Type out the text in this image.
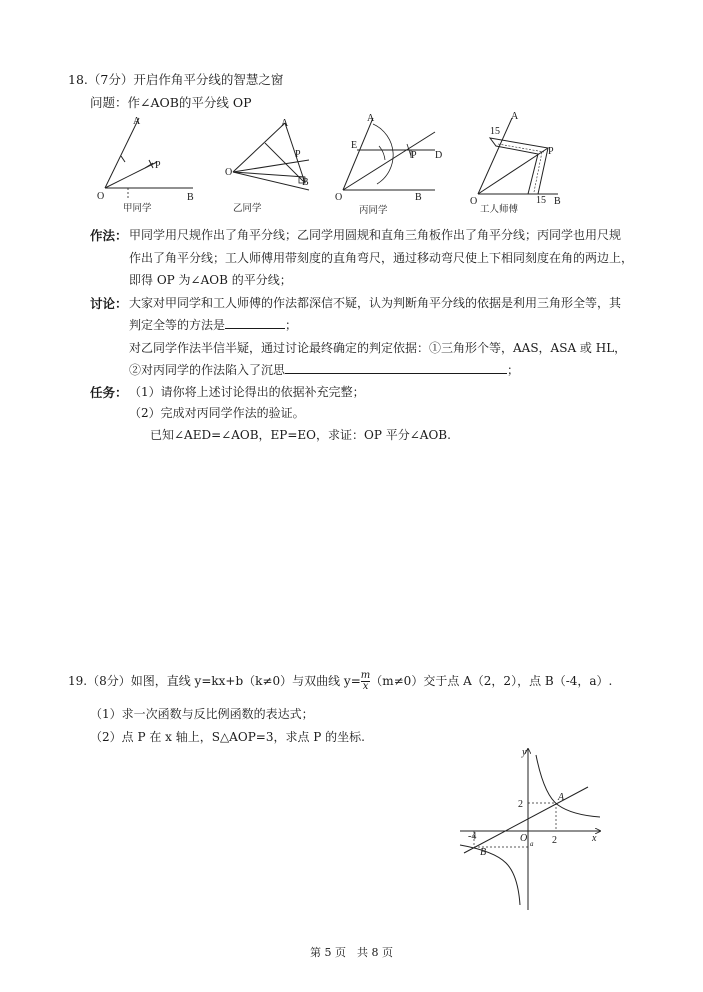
18.（7分）开启作角平分线的智慧之窗
问题：作∠AOB的平分线 OP
A
P
O	B
甲同学
A
P
O
B
乙同学
A
E
P D
O	B
丙同学
A
15
P
15
O	B
工人师傅
作法： 甲同学用尺规作出了角平分线；乙同学用圆规和直角三角板作出了角平分线；丙同学也用尺规
作出了角平分线；工人师傅用带刻度的直角弯尺，通过移动弯尺使上下相同刻度在角的两边上，
即得 OP 为∠AOB 的平分线；
讨论： 大家对甲同学和工人师傅的作法都深信不疑，认为判断角平分线的依据是利用三角形全等，其
判定全等的方法是	；
对乙同学作法半信半疑，通过讨论最终确定的判定依据：①三角形个等，AAS，ASA 或 HL，
②对丙同学的作法陷入了沉思	；
任务： （1）请你将上述讨论得出的依据补充完整；
（2）完成对丙同学作法的验证。
已知∠AED=∠AOB，EP=EO，求证：OP 平分∠AOB.
19.（8分）如图，直线 y=kx+b（k≠0）与双曲线 $y= \frac{m}{x} (m\ne 0)$交于点 A（2，2），点 B（-4，a）.
（1）求一次函数与反比例函数的表达式；
（2）点 P 在 x 轴上，S△AOP=3，求点 P 的坐标.
y
x
2
2
-4	O
A
B
a
第 5 页　共 8 页
